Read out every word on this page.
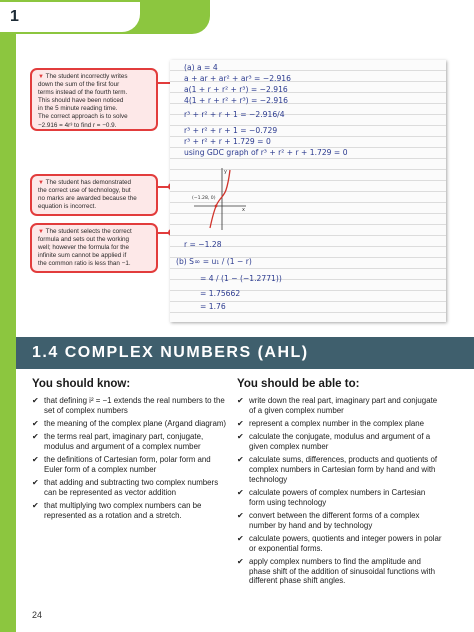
1
▼ The student incorrectly writes
down the sum of the first four
terms instead of the fourth term.
This should have been noticed
in the 5 minute reading time.
The correct approach is to solve
−2.916 = 4r³ to find r = −0.9.
▼ The student has demonstrated
the correct use of technology, but
no marks are awarded because the
equation is incorrect.
▼ The student selects the correct
formula and sets out the working
well; however the formula for the
infinite sum cannot be applied if
the common ratio is less than −1.
(a) a = 4
a + ar + ar² + ar³ = −2.916
a(1 + r + r² + r³) = −2.916
4(1 + r + r² + r³) = −2.916
r³ + r² + r + 1 = −2.916/4
r³ + r² + r + 1 = −0.729
r³ + r² + r + 1.729 = 0
using GDC graph of r³ + r² + r + 1.729 = 0
r = −1.28
(b) S∞ = u₁ / (1 − r)
= 4 / (1 − (−1.2771))
= 1.75662
= 1.76
y
x
(−1.28, 0)
1.4 COMPLEX NUMBERS (AHL)
You should know:
✔ that defining i² = −1 extends the real numbers to the set of complex numbers
✔ the meaning of the complex plane (Argand diagram)
✔ the terms real part, imaginary part, conjugate, modulus and argument of a complex number
✔ the definitions of Cartesian form, polar form and Euler form of a complex number
✔ that adding and subtracting two complex numbers can be represented as vector addition
✔ that multiplying two complex numbers can be represented as a rotation and a stretch.
You should be able to:
✔ write down the real part, imaginary part and conjugate of a given complex number
✔ represent a complex number in the complex plane
✔ calculate the conjugate, modulus and argument of a given complex number
✔ calculate sums, differences, products and quotients of complex numbers in Cartesian form by hand and with technology
✔ calculate powers of complex numbers in Cartesian form using technology
✔ convert between the different forms of a complex number by hand and by technology
✔ calculate powers, quotients and integer powers in polar or exponential forms.
✔ apply complex numbers to find the amplitude and phase shift of the addition of sinusoidal functions with different phase shift angles.
24
